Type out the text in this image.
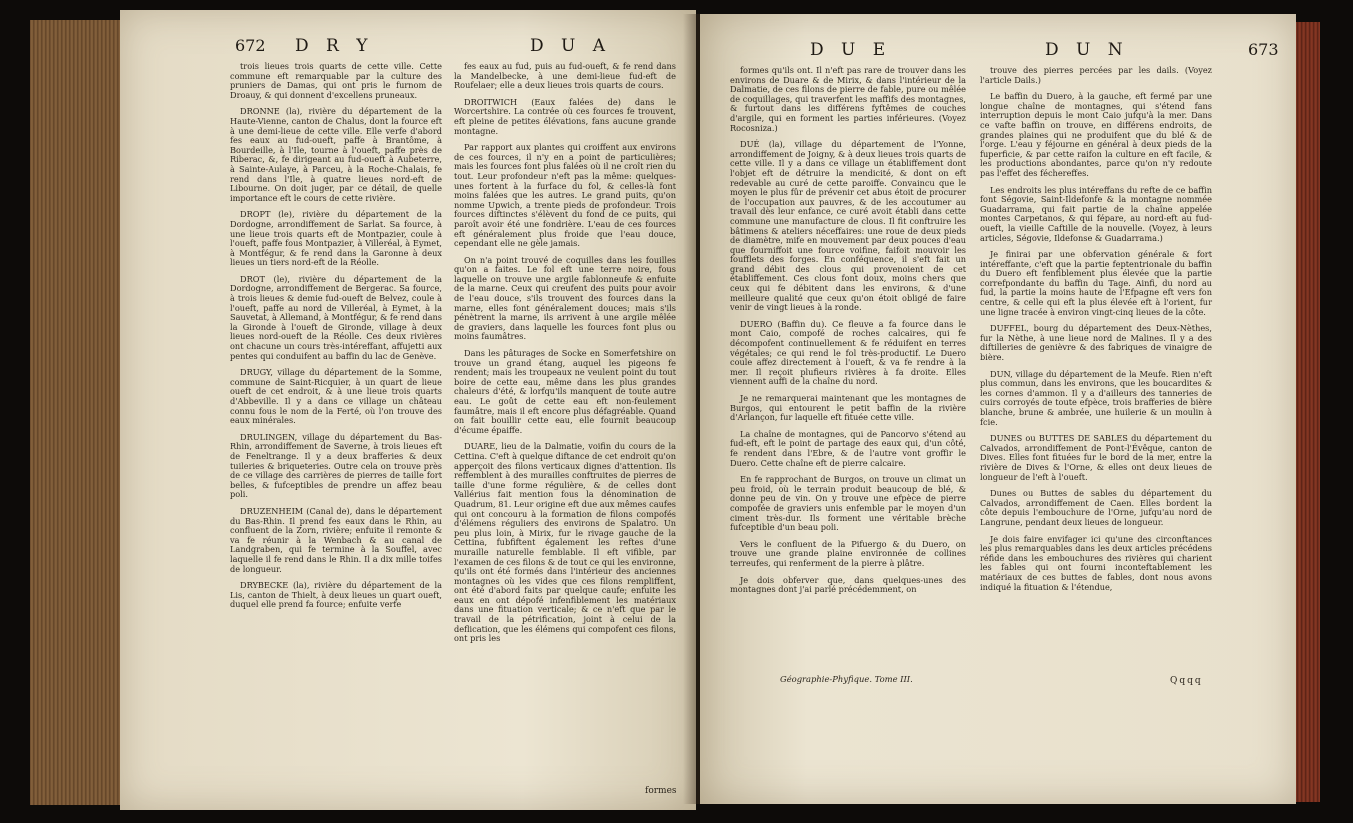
672 D R Y	D U A

trois lieues trois quarts de cette ville. Cette commune eft remarquable par la culture des pruniers de Damas, qui ont pris le furnom de Droauy, & qui donnent d'excellens pruneaux.

DRONNE (la), rivière du département de la Haute-Vienne, canton de Chalus, dont la fource eft à une demi-lieue de cette ville. Elle verfe d'abord fes eaux au fud-oueft, paffe à Brantôme, à Bourdeille, à l'Ile, tourne à l'oueft, paffe près de Riberac, &, fe dirigeant au fud-oueft à Aubeterre, à Sainte-Aulaye, à Parceu, à la Roche-Chalais, fe rend dans l'Ile, à quatre lieues nord-eft de Libourne. On doit juger, par ce détail, de quelle importance eft le cours de cette rivière.

DROPT (le), rivière du département de la Dordogne, arrondiffement de Sarlat. Sa fource, à une lieue trois quarts eft de Montpazier, coule à l'oueft, paffe fous Montpazier, à Villeréal, à Eymet, à Montfégur, & fe rend dans la Garonne à deux lieues un tiers nord-eft de la Réolle.

DROT (le), rivière du département de la Dordogne, arrondiffement de Bergerac. Sa fource, à trois lieues & demie fud-oueft de Belvez, coule à l'oueft, paffe au nord de Villeréal, à Eymet, à la Sauvetat, à Allemand, à Montfégur, & fe rend dans la Gironde à l'oueft de Gironde, village à deux lieues nord-oueft de la Réolle. Ces deux rivières ont chacune un cours très-intéreffant, affujetti aux pentes qui conduifent au baffin du lac de Genève.

DRUGY, village du département de la Somme, commune de Saint-Ricquier, à un quart de lieue oueft de cet endroit, & à une lieue trois quarts d'Abbeville. Il y a dans ce village un château connu fous le nom de la Ferté, où l'on trouve des eaux minérales.

DRULINGEN, village du département du Bas-Rhin, arrondiffement de Saverne, à trois lieues eft de Feneltrange. Il y a deux brafferies & deux tuileries & briqueteries. Outre cela on trouve près de ce village des carrières de pierres de taille fort belles, & fufceptibles de prendre un affez beau poli.

DRUZENHEIM (Canal de), dans le département du Bas-Rhin. Il prend fes eaux dans le Rhin, au confluent de la Zorn, rivière; enfuite il remonte & va fe réunir à la Wenbach & au canal de Landgraben, qui fe termine à la Souffel, avec laquelle il fe rend dans le Rhin. Il a dix mille toifes de longueur.

DRYBECKE (la), rivière du département de la Lis, canton de Thielt, à deux lieues un quart oueft, duquel elle prend fa fource; enfuite verfe

fes eaux au fud, puis au fud-oueft, & fe rend dans la Mandelbecke, à une demi-lieue fud-eft de Roufelaer; elle a deux lieues trois quarts de cours.

DROITWICH (Eaux falées de) dans le Worcertshire. La contrée où ces fources fe trouvent, eft pleine de petites élévations, fans aucune grande montagne.

Par rapport aux plantes qui croiffent aux environs de ces fources, il n'y en a point de particulières; mais les fources font plus falées où il ne croît rien du tout. Leur profondeur n'eft pas la même: quelques-unes fortent à la furface du fol, & celles-là font moins falées que les autres. Le grand puits, qu'on nomme Upwich, a trente pieds de profondeur. Trois fources diftinctes s'élèvent du fond de ce puits, qui paroît avoir été une fondrière. L'eau de ces fources eft généralement plus froide que l'eau douce, cependant elle ne gèle jamais.

On n'a point trouvé de coquilles dans les fouilles qu'on a faites. Le fol eft une terre noire, fous laquelle on trouve une argile fablonneufe & enfuite de la marne. Ceux qui creufent des puits pour avoir de l'eau douce, s'ils trouvent des fources dans la marne, elles font généralement douces; mais s'ils pénètrent la marne, ils arrivent à une argile mêlée de graviers, dans laquelle les fources font plus ou moins faumâtres.

Dans les pâturages de Socke en Somerfetshire on trouve un grand étang, auquel les pigeons fe rendent; mais les troupeaux ne veulent point du tout boire de cette eau, même dans les plus grandes chaleurs d'été, & lorfqu'ils manquent de toute autre eau. Le goût de cette eau eft non-feulement faumâtre, mais il eft encore plus défagréable. Quand on fait bouillir cette eau, elle fournit beaucoup d'écume épaiffe.

DUARE, lieu de la Dalmatie, voifin du cours de la Cettina. C'eft à quelque diftance de cet endroit qu'on apperçoit des filons verticaux dignes d'attention. Ils reffemblent à des murailles conftruites de pierres de taille d'une forme régulière, & de celles dont Vallérius fait mention fous la dénomination de Quadrum, 81. Leur origine eft due aux mêmes caufes qui ont concouru à la formation de filons compofés d'élémens réguliers des environs de Spalatro. Un peu plus loin, à Mirix, fur le rivage gauche de la Cettina, fubfiftent également les reftes d'une muraille naturelle femblable. Il eft vifible, par l'examen de ces filons & de tout ce qui les environne, qu'ils ont été formés dans l'intérieur des anciennes montagnes où les vides que ces filons rempliffent, ont été d'abord faits par quelque caufe; enfuite les eaux en ont dépofé infenfiblement les matériaux dans une fituation verticale; & ce n'eft que par le travail de la pétrification, joint à celui de la deflication, que les élémens qui compofent ces filons, ont pris les

formes
D U E	D U N	673

formes qu'ils ont. Il n'eft pas rare de trouver dans les environs de Duare & de Mirix, & dans l'intérieur de la Dalmatie, de ces filons de pierre de fable, pure ou mêlée de coquillages, qui traverfent les maffifs des montagnes, & furtout dans les différens fyftêmes de couches d'argile, qui en forment les parties inférieures. (Voyez Rocosniza.)

DUÉ (la), village du département de l'Yonne, arrondiffement de Joigny, & à deux lieues trois quarts de cette ville. Il y a dans ce village un établiffement dont l'objet eft de détruire la mendicité, & dont on eft redevable au curé de cette paroiffe. Convaincu que le moyen le plus fûr de prévenir cet abus étoit de procurer de l'occupation aux pauvres, & de les accoutumer au travail dès leur enfance, ce curé avoit établi dans cette commune une manufacture de clous. Il fit conftruire les bâtimens & ateliers néceffaires: une roue de deux pieds de diamètre, mife en mouvement par deux pouces d'eau que fourniffoit une fource voifine, faifoit mouvoir les foufflets des forges. En conféquence, il s'eft fait un grand débit des clous qui provenoient de cet établiffement. Ces clous font doux, moins chers que ceux qui fe débitent dans les environs, & d'une meilleure qualité que ceux qu'on étoit obligé de faire venir de vingt lieues à la ronde.

DUERO (Baffin du). Ce fleuve a fa fource dans le mont Caio, compofé de roches calcaires, qui fe décompofent continuellement & fe réduifent en terres végétales; ce qui rend le fol très-productif. Le Duero coule affez directement à l'oueft, & va fe rendre à la mer. Il reçoit plufieurs rivières à fa droite. Elles viennent auffi de la chaîne du nord.

Je ne remarquerai maintenant que les montagnes de Burgos, qui entourent le petit baffin de la rivière d'Arlançon, fur laquelle eft fituée cette ville.

La chaîne de montagnes, qui de Pancorvo s'étend au fud-eft, eft le point de partage des eaux qui, d'un côté, fe rendent dans l'Ebre, & de l'autre vont groffir le Duero. Cette chaîne eft de pierre calcaire.

En fe rapprochant de Burgos, on trouve un climat un peu froid, où le terrain produit beaucoup de blé, & donne peu de vin. On y trouve une efpèce de pierre compofée de graviers unis enfemble par le moyen d'un ciment très-dur. Ils forment une véritable brèche fufceptible d'un beau poli.

Vers le confluent de la Pifuergo & du Duero, on trouve une grande plaine environnée de collines terreufes, qui renferment de la pierre à plâtre.

Je dois obferver que, dans quelques-unes des montagnes dont j'ai parlé précédemment, on

trouve des pierres percées par les dails. (Voyez l'article Dails.)

Le baffin du Duero, à la gauche, eft fermé par une longue chaîne de montagnes, qui s'étend fans interruption depuis le mont Caio jufqu'à la mer. Dans ce vafte baffin on trouve, en différens endroits, de grandes plaines qui ne produifent que du blé & de l'orge. L'eau y féjourne en général à deux pieds de la fuperficie, & par cette raifon la culture en eft facile, & les productions abondantes, parce qu'on n'y redoute pas l'effet des féchereffes.

Les endroits les plus intéreffans du refte de ce baffin font Ségovie, Saint-Ildefonfe & la montagne nommée Guadarrama, qui fait partie de la chaîne appelée montes Carpetanos, & qui fépare, au nord-eft au fud-oueft, la vieille Caftille de la nouvelle. (Voyez, à leurs articles, Ségovie, Ildefonse & Guadarrama.)

Je finirai par une obfervation générale & fort intéreffante, c'eft que la partie feptentrionale du baffin du Duero eft fenfiblement plus élevée que la partie correfpondante du baffin du Tage. Ainfi, du nord au fud, la partie la moins haute de l'Efpagne eft vers fon centre, & celle qui eft la plus élevée eft à l'orient, fur une ligne tracée à environ vingt-cinq lieues de la côte.

DUFFEL, bourg du département des Deux-Nèthes, fur la Nèthe, à une lieue nord de Malines. Il y a des diftilleries de genièvre & des fabriques de vinaigre de bière.

DUN, village du département de la Meufe. Rien n'eft plus commun, dans les environs, que les boucardites & les cornes d'ammon. Il y a d'ailleurs des tanneries de cuirs corroyés de toute efpèce, trois brafferies de bière blanche, brune & ambrée, une huilerie & un moulin à fcie.

DUNES ou BUTTES DE SABLES du département du Calvados, arrondiffement de Pont-l'Évêque, canton de Dives. Elles font fituées fur le bord de la mer, entre la rivière de Dives & l'Orne, & elles ont deux lieues de longueur de l'eft à l'oueft.

Dunes ou Buttes de sables du département du Calvados, arrondiffement de Caen. Elles bordent la côte depuis l'embouchure de l'Orne, jufqu'au nord de Langrune, pendant deux lieues de longueur.

Je dois faire envifager ici qu'une des circonftances les plus remarquables dans les deux articles précédens réfide dans les embouchures des rivières qui charient les fables qui ont fourni inconteftablement les matériaux de ces buttes de fables, dont nous avons indiqué la fituation & l'étendue,

Géographie-Phyfique. Tome III.	Qqqq
